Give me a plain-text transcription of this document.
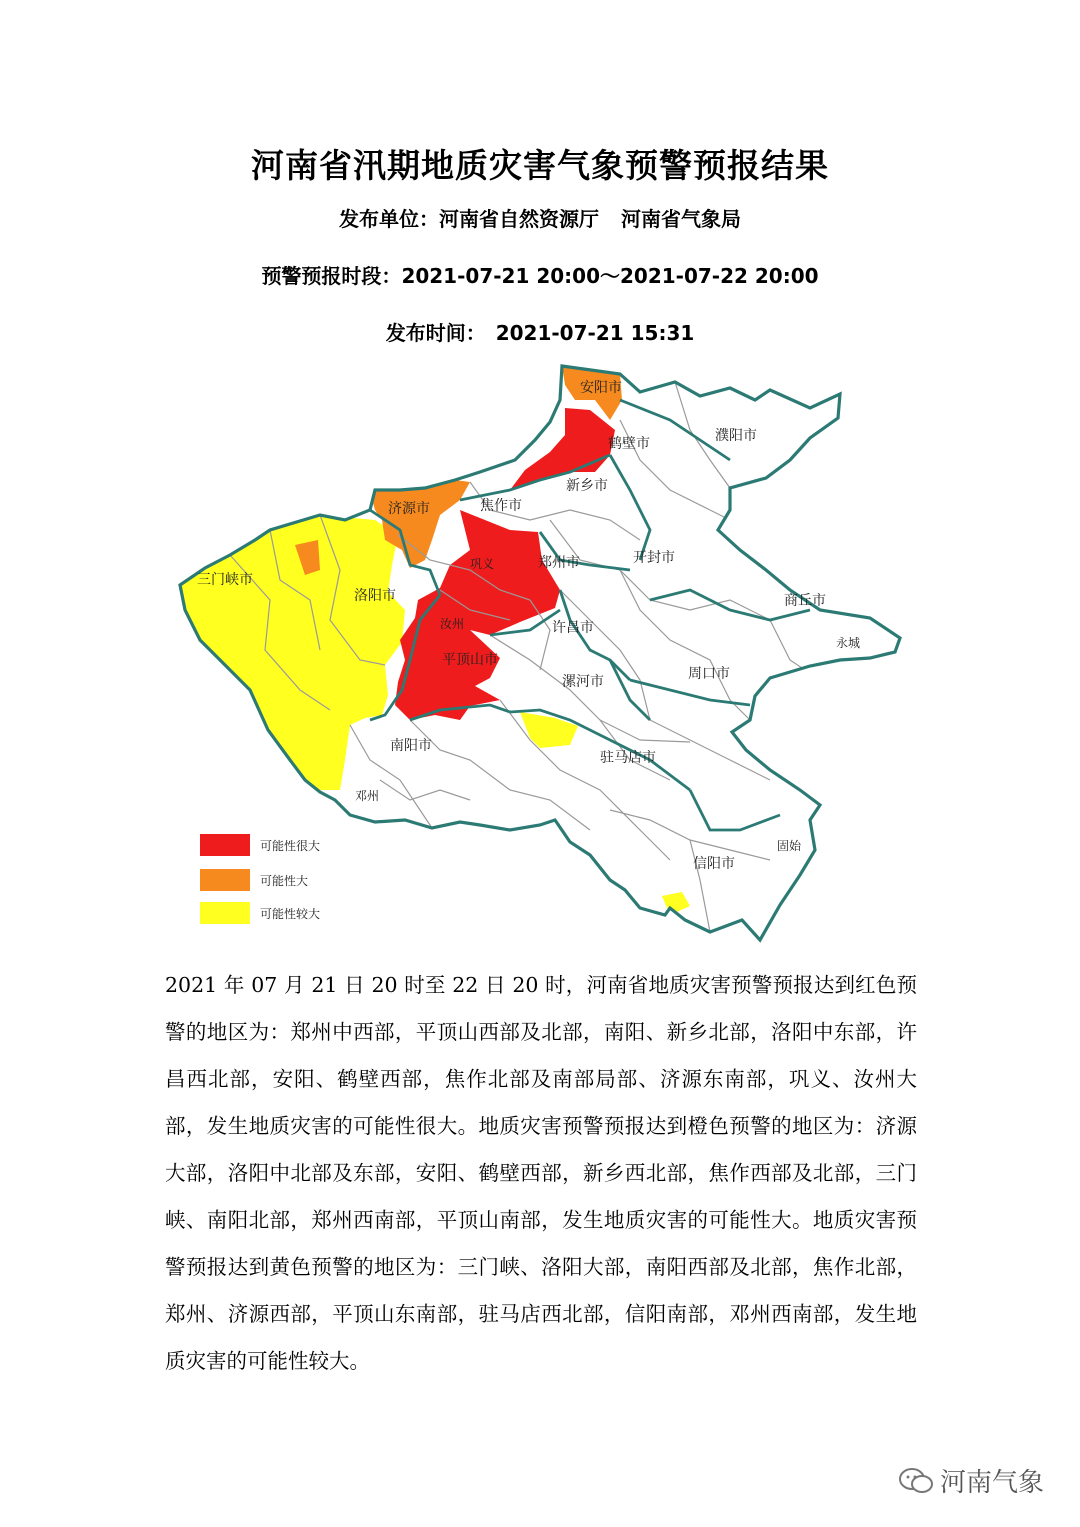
河南省汛期地质灾害气象预警预报结果
发布单位：河南省自然资源厅 河南省气象局
预警预报时段：2021-07-21 20:00～2021-07-22 20:00
发布时间： 2021-07-21 15:31
安阳市
鹤壁市	濮阳市
新乡市
济源市	焦作市
三门峡市
郑州市	开封市
洛阳市	商丘市
许昌市
汝州
平顶山市
漯河市	周口市
永城
巩义
南阳市
驻马店市
邓州
信阳市
固始
可能性很大
可能性大
可能性较大
2021 年 07 月 21 日 20 时至 22 日 20 时，河南省地质灾害预警预报达到红色预警的地区为：郑州中西部，平顶山西部及北部，南阳、新乡北部，洛阳中东部，许昌西北部，安阳、鹤壁西部，焦作北部及南部局部、济源东南部，巩义、汝州大部，发生地质灾害的可能性很大。地质灾害预警预报达到橙色预警的地区为：济源大部，洛阳中北部及东部，安阳、鹤壁西部，新乡西北部，焦作西部及北部，三门峡、南阳北部，郑州西南部，平顶山南部，发生地质灾害的可能性大。地质灾害预警预报达到黄色预警的地区为：三门峡、洛阳大部，南阳西部及北部，焦作北部，郑州、济源西部，平顶山东南部，驻马店西北部，信阳南部，邓州西南部，发生地质灾害的可能性较大。
河南气象
